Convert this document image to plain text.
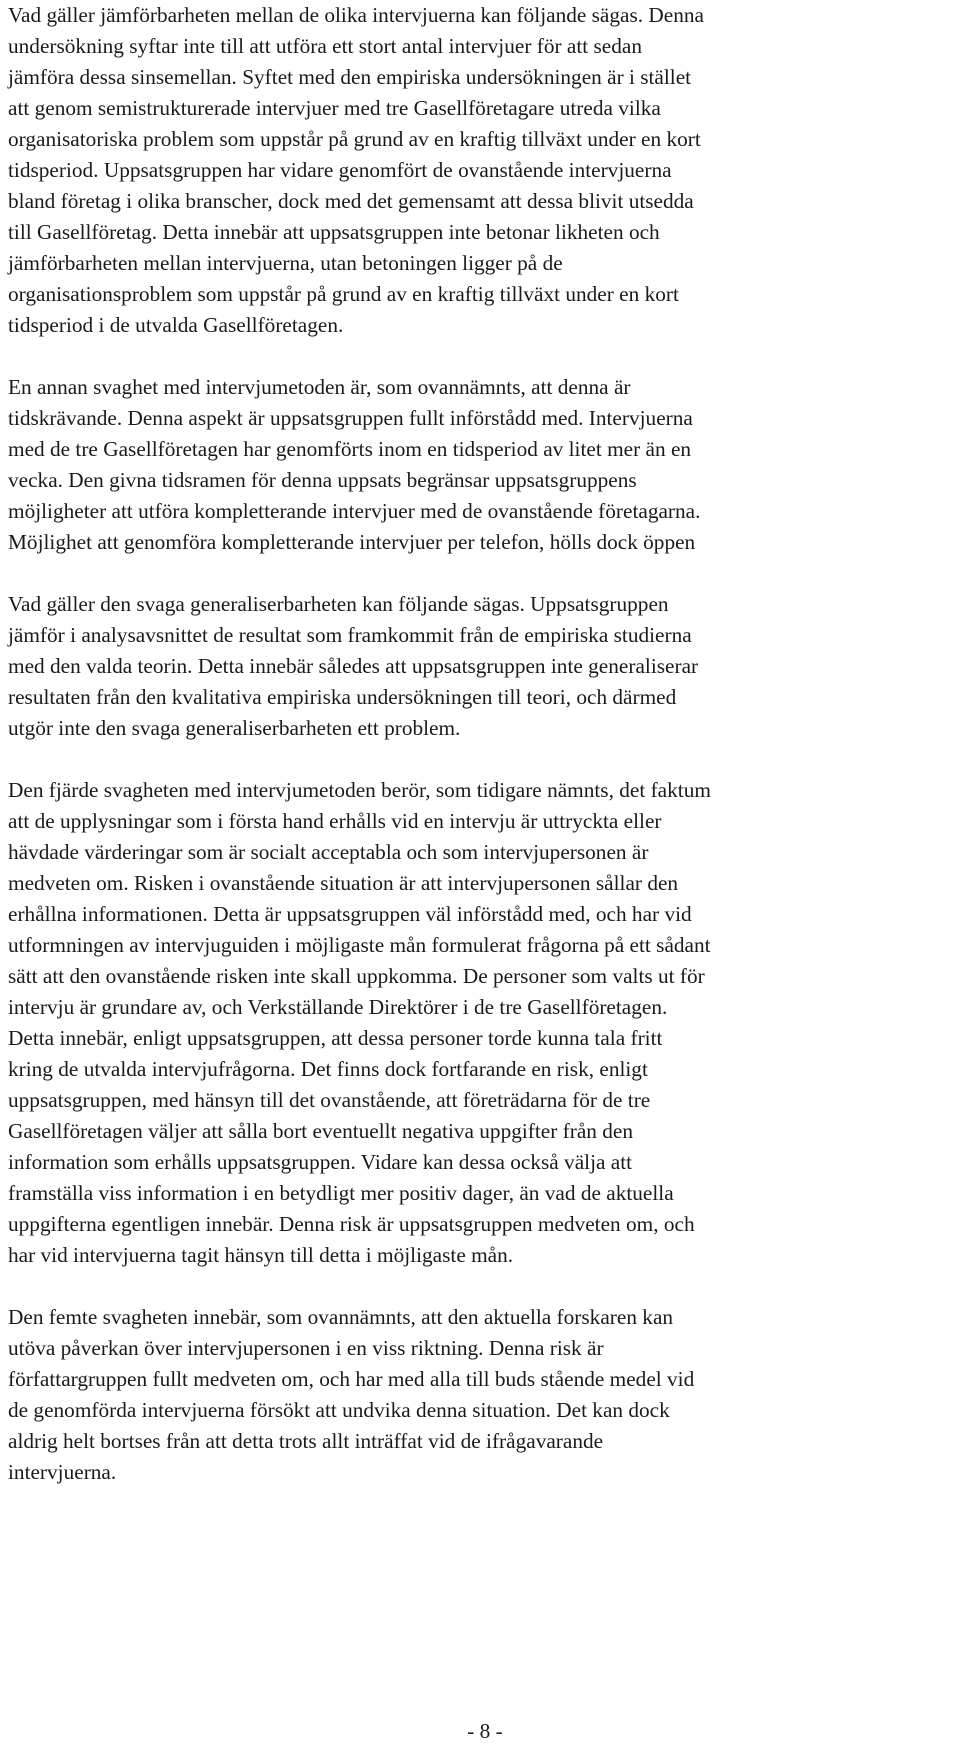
Vad gäller jämförbarheten mellan de olika intervjuerna kan följande sägas. Denna
undersökning syftar inte till att utföra ett stort antal intervjuer för att sedan
jämföra dessa sinsemellan. Syftet med den empiriska undersökningen är i stället
att genom semistrukturerade intervjuer med tre Gasellföretagare utreda vilka
organisatoriska problem som uppstår på grund av en kraftig tillväxt under en kort
tidsperiod. Uppsatsgruppen har vidare genomfört de ovanstående intervjuerna
bland företag i olika branscher, dock med det gemensamt att dessa blivit utsedda
till Gasellföretag. Detta innebär att uppsatsgruppen inte betonar likheten och
jämförbarheten mellan intervjuerna, utan betoningen ligger på de
organisationsproblem som uppstår på grund av en kraftig tillväxt under en kort
tidsperiod i de utvalda Gasellföretagen.

En annan svaghet med intervjumetoden är, som ovannämnts, att denna är
tidskrävande. Denna aspekt är uppsatsgruppen fullt införstådd med. Intervjuerna
med de tre Gasellföretagen har genomförts inom en tidsperiod av litet mer än en
vecka. Den givna tidsramen för denna uppsats begränsar uppsatsgruppens
möjligheter att utföra kompletterande intervjuer med de ovanstående företagarna.
Möjlighet att genomföra kompletterande intervjuer per telefon, hölls dock öppen

Vad gäller den svaga generaliserbarheten kan följande sägas. Uppsatsgruppen
jämför i analysavsnittet de resultat som framkommit från de empiriska studierna
med den valda teorin. Detta innebär således att uppsatsgruppen inte generaliserar
resultaten från den kvalitativa empiriska undersökningen till teori, och därmed
utgör inte den svaga generaliserbarheten ett problem.

Den fjärde svagheten med intervjumetoden berör, som tidigare nämnts, det faktum
att de upplysningar som i första hand erhålls vid en intervju är uttryckta eller
hävdade värderingar som är socialt acceptabla och som intervjupersonen är
medveten om. Risken i ovanstående situation är att intervjupersonen sållar den
erhållna informationen. Detta är uppsatsgruppen väl införstådd med, och har vid
utformningen av intervjuguiden i möjligaste mån formulerat frågorna på ett sådant
sätt att den ovanstående risken inte skall uppkomma. De personer som valts ut för
intervju är grundare av, och Verkställande Direktörer i de tre Gasellföretagen.
Detta innebär, enligt uppsatsgruppen, att dessa personer torde kunna tala fritt
kring de utvalda intervjufrågorna. Det finns dock fortfarande en risk, enligt
uppsatsgruppen, med hänsyn till det ovanstående, att företrädarna för de tre
Gasellföretagen väljer att sålla bort eventuellt negativa uppgifter från den
information som erhålls uppsatsgruppen. Vidare kan dessa också välja att
framställa viss information i en betydligt mer positiv dager, än vad de aktuella
uppgifterna egentligen innebär. Denna risk är uppsatsgruppen medveten om, och
har vid intervjuerna tagit hänsyn till detta i möjligaste mån.

Den femte svagheten innebär, som ovannämnts, att den aktuella forskaren kan
utöva påverkan över intervjupersonen i en viss riktning. Denna risk är
författargruppen fullt medveten om, och har med alla till buds stående medel vid
de genomförda intervjuerna försökt att undvika denna situation. Det kan dock
aldrig helt bortses från att detta trots allt inträffat vid de ifrågavarande
intervjuerna.

- 8 -
